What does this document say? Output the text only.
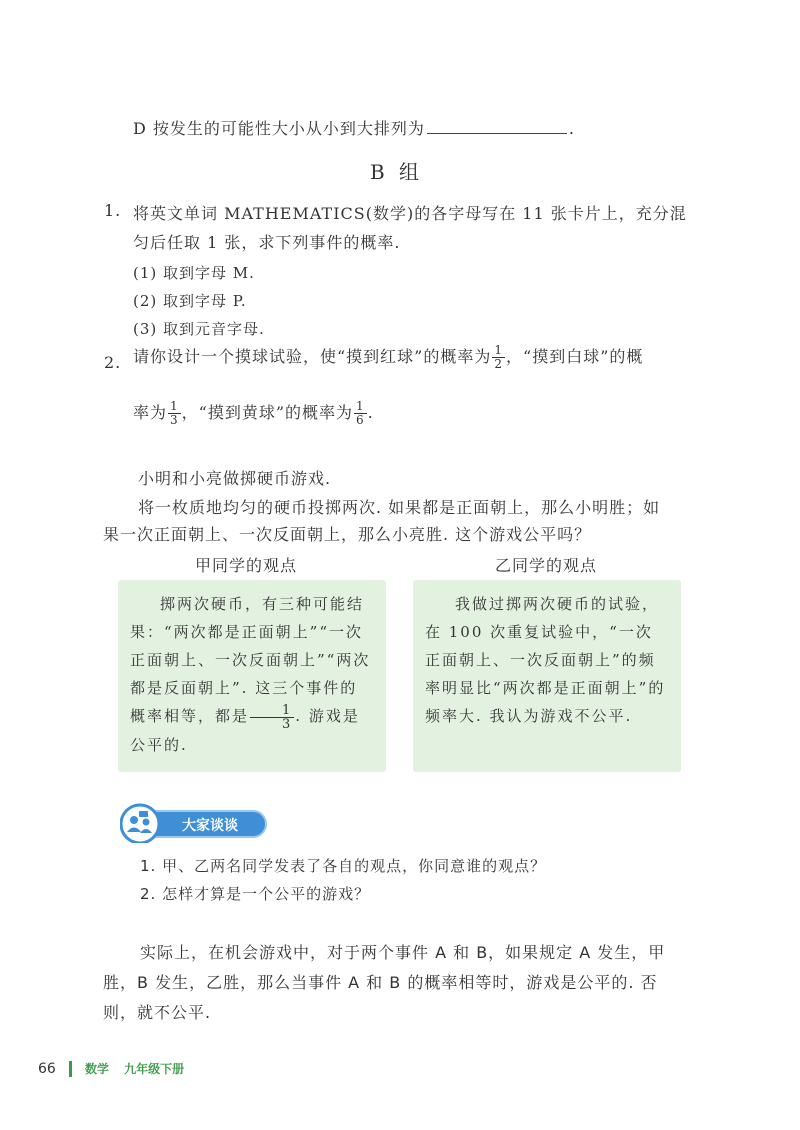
D 按发生的可能性大小从小到大排列为	.
B 组
1. 将英文单词 MATHEMATICS(数学)的各字母写在 11 张卡片上，充分混
匀后任取 1 张，求下列事件的概率.
(1) 取到字母 M.
(2) 取到字母 P.
(3) 取到元音字母.
2. 请你设计一个摸球试验，使“摸到红球”的概率为 $\frac{1}{2}$ ，“摸到白球”的概
率为 $\frac{1}{3}$ ，“摸到黄球”的概率为 $\frac{1}{6}$ .
小明和小亮做掷硬币游戏.
将一枚质地均匀的硬币投掷两次. 如果都是正面朝上，那么小明胜；如
果一次正面朝上、一次反面朝上，那么小亮胜. 这个游戏公平吗？
甲同学的观点	乙同学的观点

掷两次硬币，有三种可能结果：“两次都是正面朝上”“一次正面朝上、一次反面朝上”“两次都是反面朝上”. 这三个事件的概率相等，都是 $\frac{1}{3}$ . 游戏是公平的.

我做过掷两次硬币的试验，在 100 次重复试验中，“一次正面朝上、一次反面朝上”的频率明显比“两次都是正面朝上”的频率大. 我认为游戏不公平.

大家谈谈
1. 甲、乙两名同学发表了各自的观点，你同意谁的观点？
2. 怎样才算是一个公平的游戏？
实际上，在机会游戏中，对于两个事件 A 和 B，如果规定 A 发生，甲
胜，B 发生，乙胜，那么当事件 A 和 B 的概率相等时，游戏是公平的. 否
则，就不公平.
66 数学 九年级下册
